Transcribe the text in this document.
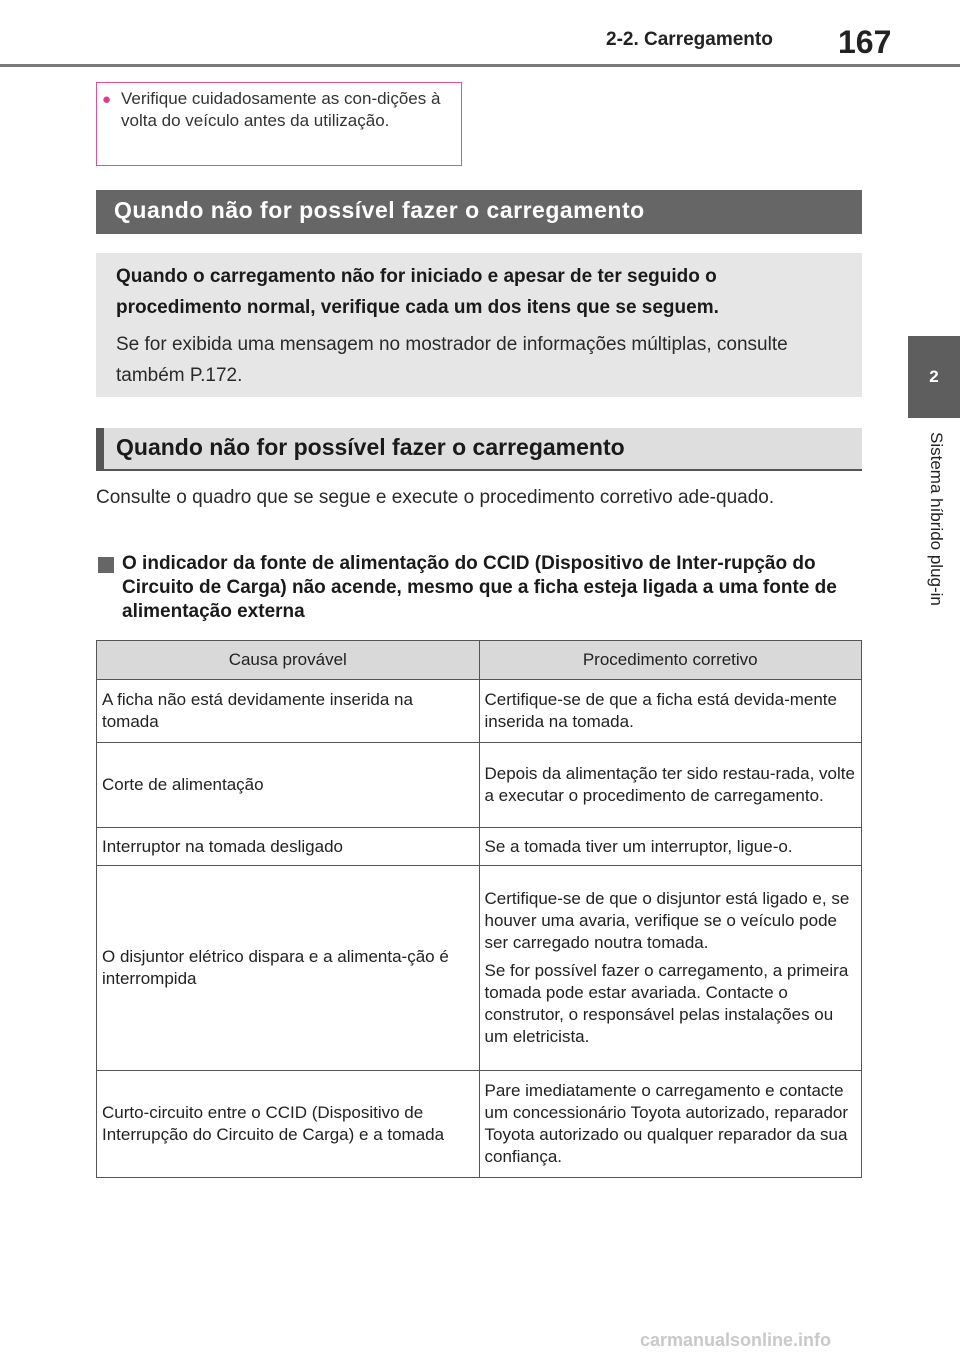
2-2. Carregamento 167
2
Sistema híbrido plug-in
● Verifique cuidadosamente as con-dições à volta do veículo antes da utilização.
Quando não for possível fazer o carregamento

Quando o carregamento não for iniciado e apesar de ter seguido o procedimento normal, verifique cada um dos itens que se seguem.

Se for exibida uma mensagem no mostrador de informações múltiplas, consulte também P.172.

Quando não for possível fazer o carregamento

Consulte o quadro que se segue e execute o procedimento corretivo ade-quado.

O indicador da fonte de alimentação do CCID (Dispositivo de Inter-rupção do Circuito de Carga) não acende, mesmo que a ficha esteja ligada a uma fonte de alimentação externa

Causa provável	Procedimento corretivo
A ficha não está devidamente inserida na tomada	Certifique-se de que a ficha está devida-mente inserida na tomada.

Corte de alimentação	Depois da alimentação ter sido restau-rada, volte a executar o procedimento de carregamento.

Interruptor na tomada desligado	Se a tomada tiver um interruptor, ligue-o.

O disjuntor elétrico dispara e a alimenta-ção é interrompida	Certifique-se de que o disjuntor está ligado e, se houver uma avaria, verifique se o veículo pode ser carregado noutra tomada.

Se for possível fazer o carregamento, a primeira tomada pode estar avariada. Contacte o construtor, o responsável pelas instalações ou um eletricista.

Curto-circuito entre o CCID (Dispositivo de Interrupção do Circuito de Carga) e a tomada	Pare imediatamente o carregamento e contacte um concessionário Toyota autorizado, reparador Toyota autorizado ou qualquer reparador da sua confiança.

carmanualsonline.info
